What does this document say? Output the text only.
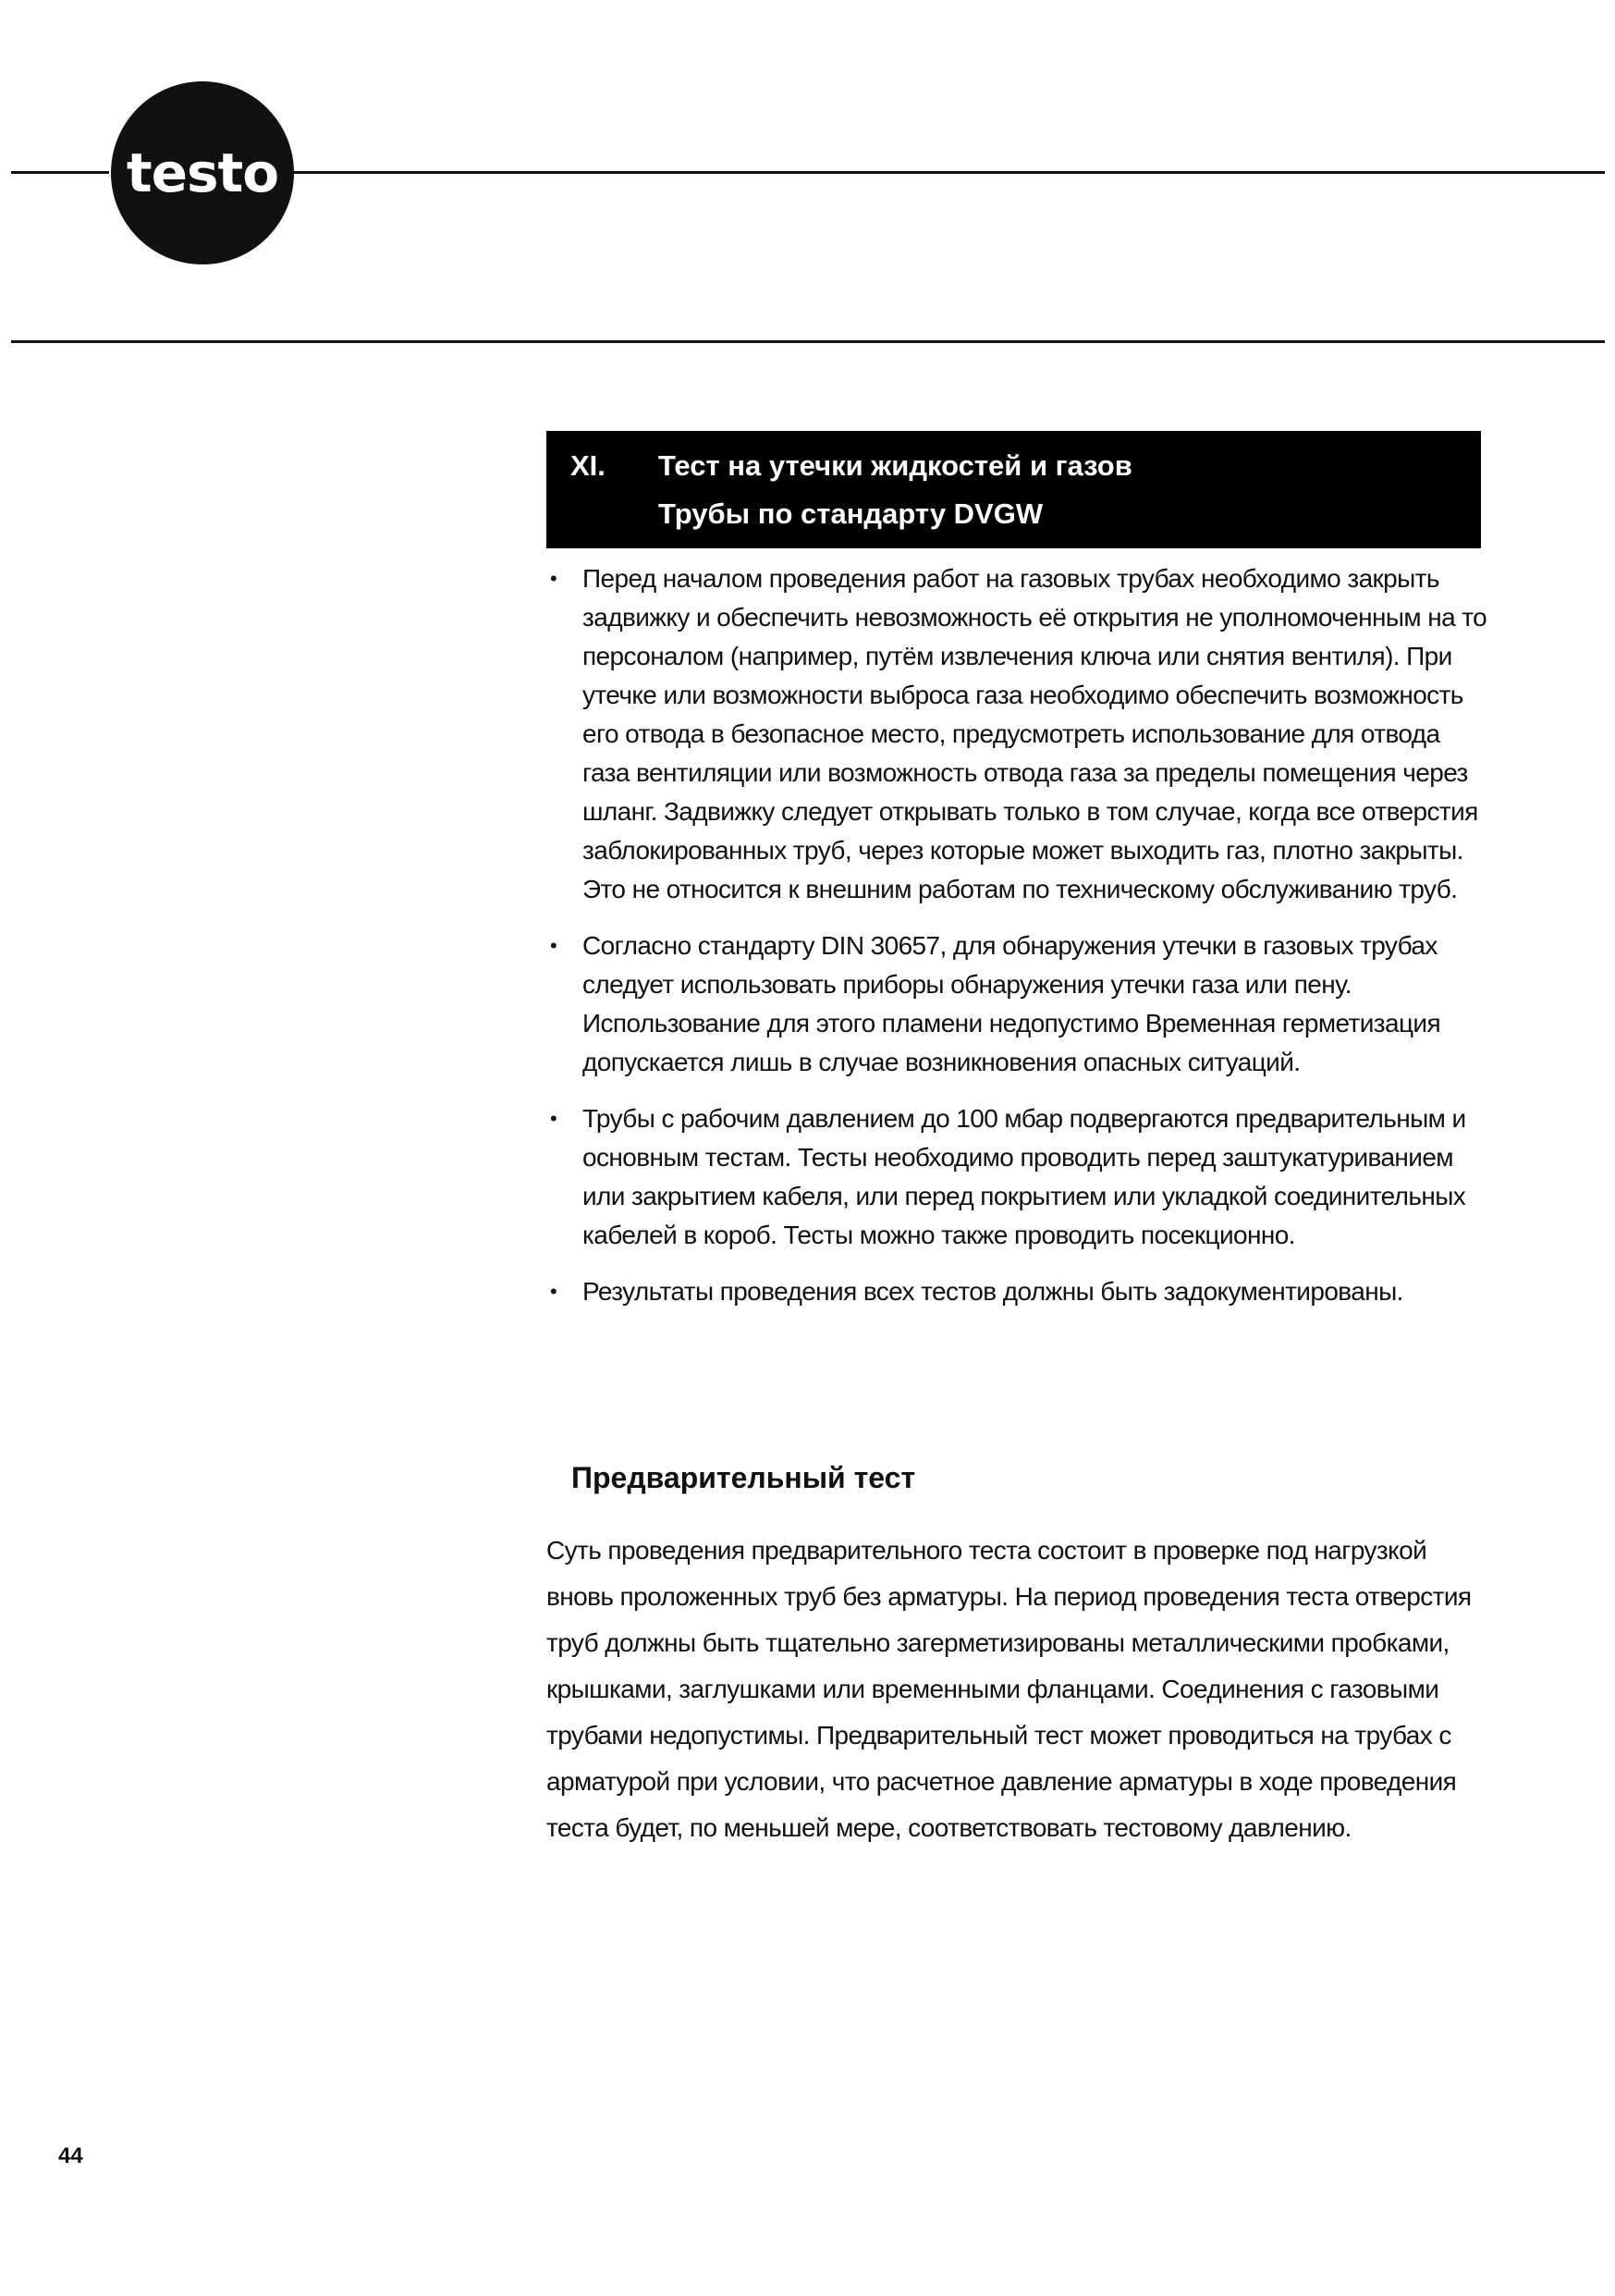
testo
XI. Тест на утечки жидкостей и газов
Трубы по стандарту DVGW
• Перед началом проведения работ на газовых трубах необходимо закрыть задвижку и обеспечить невозможность её открытия не уполномоченным на то персоналом (например, путём извлечения ключа или снятия вентиля). При утечке или возможности выброса газа необходимо обеспечить возможность его отвода в безопасное место, предусмотреть использование для отвода газа вентиляции или возможность отвода газа за пределы помещения через шланг. Задвижку следует открывать только в том случае, когда все отверстия заблокированных труб, через которые может выходить газ, плотно закрыты. Это не относится к внешним работам по техническому обслуживанию труб.
• Согласно стандарту DIN 30657, для обнаружения утечки в газовых трубах следует использовать приборы обнаружения утечки газа или пену. Использование для этого пламени недопустимо Временная герметизация допускается лишь в случае возникновения опасных ситуаций.
• Трубы с рабочим давлением до 100 мбар подвергаются предварительным и основным тестам. Тесты необходимо проводить перед заштукатуриванием или закрытием кабеля, или перед покрытием или укладкой соединительных кабелей в короб. Тесты можно также проводить посекционно.
• Результаты проведения всех тестов должны быть задокументированы.
Предварительный тест

Суть проведения предварительного теста состоит в проверке под нагрузкой вновь проложенных труб без арматуры. На период проведения теста отверстия труб должны быть тщательно загерметизированы металлическими пробками, крышками, заглушками или временными фланцами. Соединения с газовыми трубами недопустимы. Предварительный тест может проводиться на трубах с арматурой при условии, что расчетное давление арматуры в ходе проведения теста будет, по меньшей мере, соответствовать тестовому давлению.

44
